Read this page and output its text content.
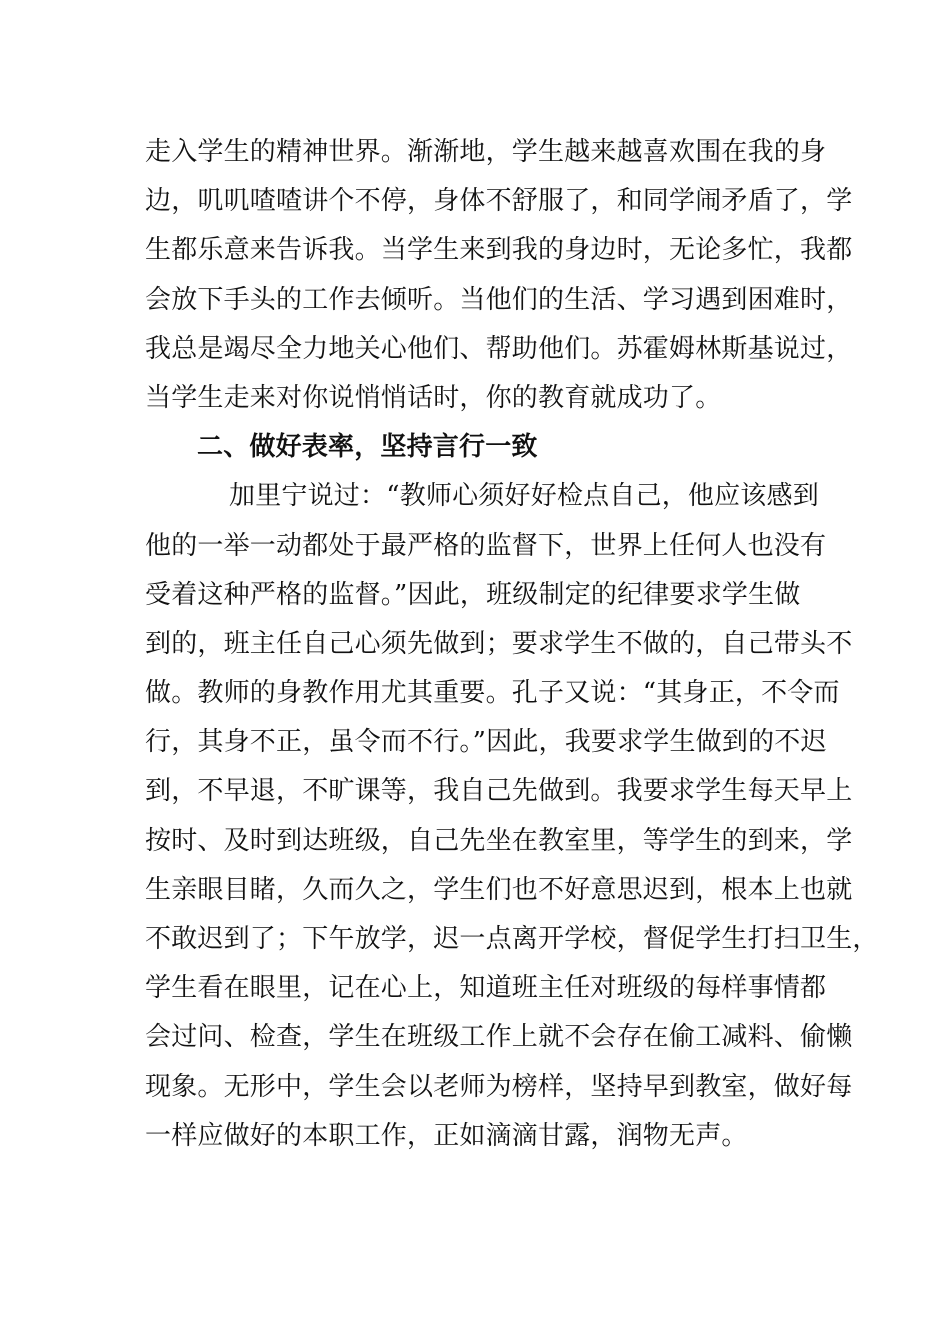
走入学生的精神世界。渐渐地，学生越来越喜欢围在我的身
边，叽叽喳喳讲个不停，身体不舒服了，和同学闹矛盾了，学
生都乐意来告诉我。当学生来到我的身边时，无论多忙，我都
会放下手头的工作去倾听。当他们的生活、学习遇到困难时，
我总是竭尽全力地关心他们、帮助他们。苏霍姆林斯基说过，
当学生走来对你说悄悄话时，你的教育就成功了。
二、做好表率，坚持言行一致
加里宁说过：“教师心须好好检点自己，他应该感到
他的一举一动都处于最严格的监督下，世界上任何人也没有
受着这种严格的监督。”因此，班级制定的纪律要求学生做
到的，班主任自己心须先做到；要求学生不做的，自己带头不
做。教师的身教作用尤其重要。孔子又说：“其身正，不令而
行，其身不正，虽令而不行。”因此，我要求学生做到的不迟
到，不早退，不旷课等，我自己先做到。我要求学生每天早上
按时、及时到达班级，自己先坐在教室里，等学生的到来，学
生亲眼目睹，久而久之，学生们也不好意思迟到，根本上也就
不敢迟到了；下午放学，迟一点离开学校，督促学生打扫卫生，
学生看在眼里，记在心上，知道班主任对班级的每样事情都
会过问、检查，学生在班级工作上就不会存在偷工减料、偷懒
现象。无形中，学生会以老师为榜样，坚持早到教室，做好每
一样应做好的本职工作，正如滴滴甘露，润物无声。
